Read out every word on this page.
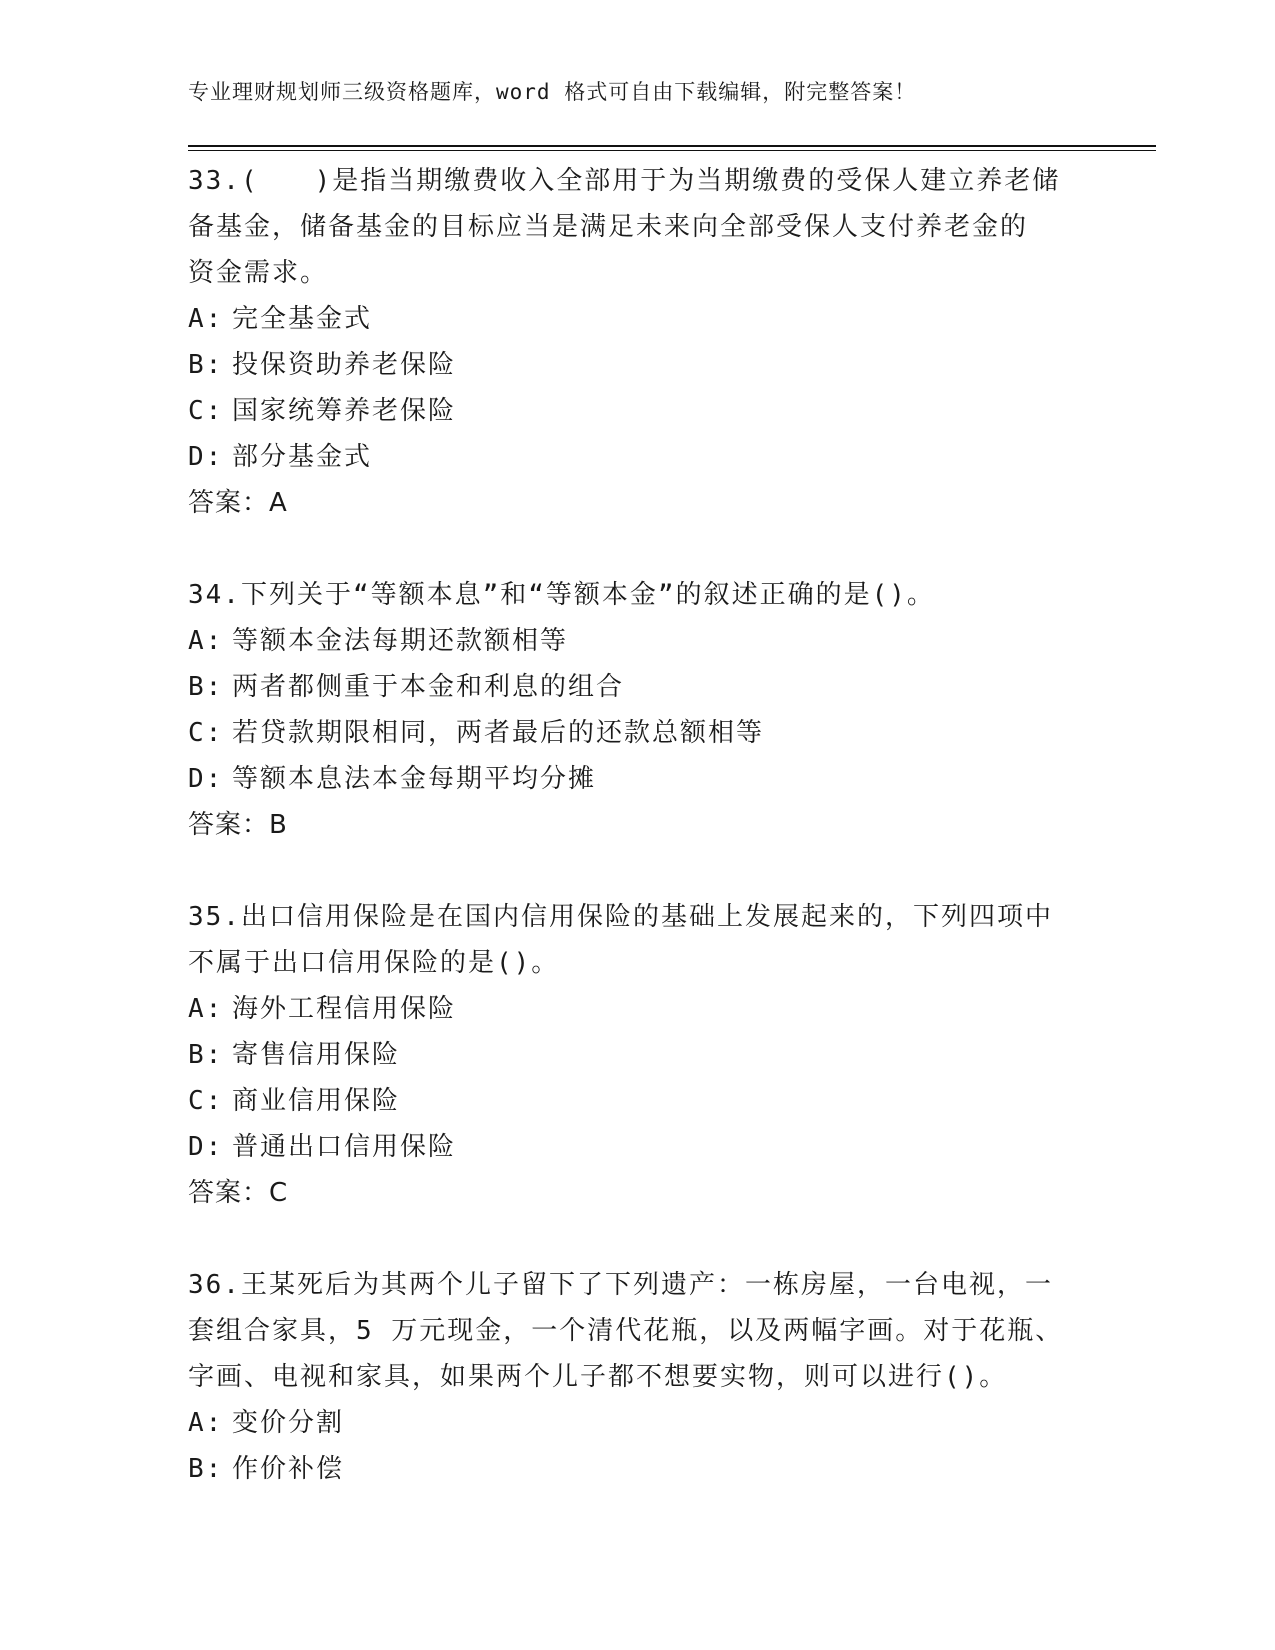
专业理财规划师三级资格题库，word 格式可自由下载编辑，附完整答案！
33.(　　)是指当期缴费收入全部用于为当期缴费的受保人建立养老储
备基金，储备基金的目标应当是满足未来向全部受保人支付养老金的
资金需求。
A: 完全基金式
B: 投保资助养老保险
C: 国家统筹养老保险
D: 部分基金式
答案：A
34.下列关于“等额本息”和“等额本金”的叙述正确的是()。
A: 等额本金法每期还款额相等
B: 两者都侧重于本金和利息的组合
C: 若贷款期限相同，两者最后的还款总额相等
D: 等额本息法本金每期平均分摊
答案：B
35.出口信用保险是在国内信用保险的基础上发展起来的，下列四项中
不属于出口信用保险的是()。
A: 海外工程信用保险
B: 寄售信用保险
C: 商业信用保险
D: 普通出口信用保险
答案：C
36.王某死后为其两个儿子留下了下列遗产：一栋房屋，一台电视，一
套组合家具，5 万元现金，一个清代花瓶，以及两幅字画。对于花瓶、
字画、电视和家具，如果两个儿子都不想要实物，则可以进行()。
A: 变价分割
B: 作价补偿
